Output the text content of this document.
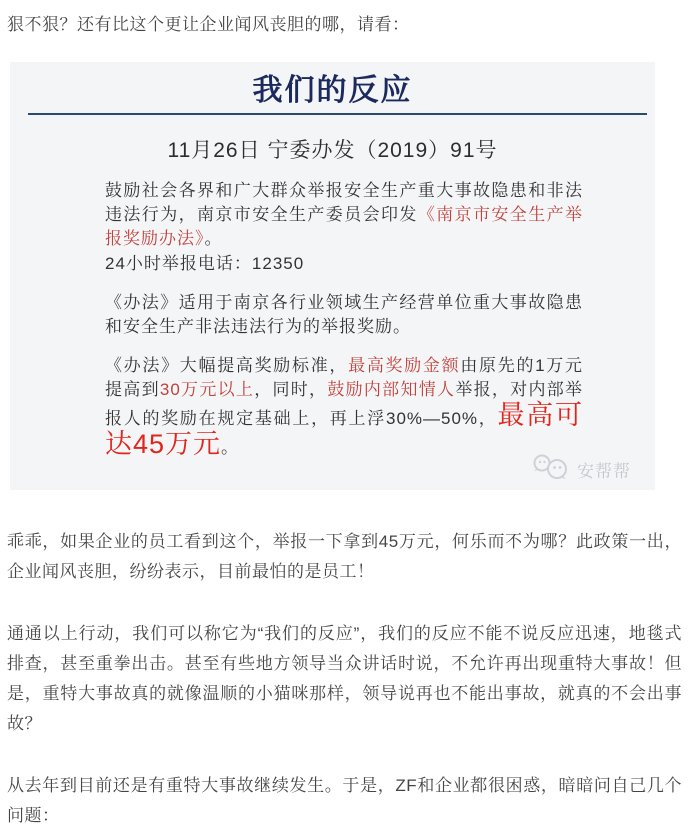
狠不狠？还有比这个更让企业闻风丧胆的哪，请看：

我们的反应
11月26日 宁委办发（2019）91号

鼓励社会各界和广大群众举报安全生产重大事故隐患和非法违法行为，南京市安全生产委员会印发《南京市安全生产举报奖励办法》。

24小时举报电话：12350

《办法》适用于南京各行业领域生产经营单位重大事故隐患和安全生产非法违法行为的举报奖励。

《办法》大幅提高奖励标准，最高奖励金额由原先的1万元提高到30万元以上，同时，鼓励内部知情人举报，对内部举报人的奖励在规定基础上，再上浮30%—50%，最高可达45万元。

安帮帮

乖乖，如果企业的员工看到这个，举报一下拿到45万元，何乐而不为哪？此政策一出，企业闻风丧胆，纷纷表示，目前最怕的是员工！

通通以上行动，我们可以称它为“我们的反应”，我们的反应不能不说反应迅速，地毯式排查，甚至重拳出击。甚至有些地方领导当众讲话时说，不允许再出现重特大事故！但是，重特大事故真的就像温顺的小猫咪那样，领导说再也不能出事故，就真的不会出事故？

从去年到目前还是有重特大事故继续发生。于是，ZF和企业都很困惑，暗暗问自己几个问题：
